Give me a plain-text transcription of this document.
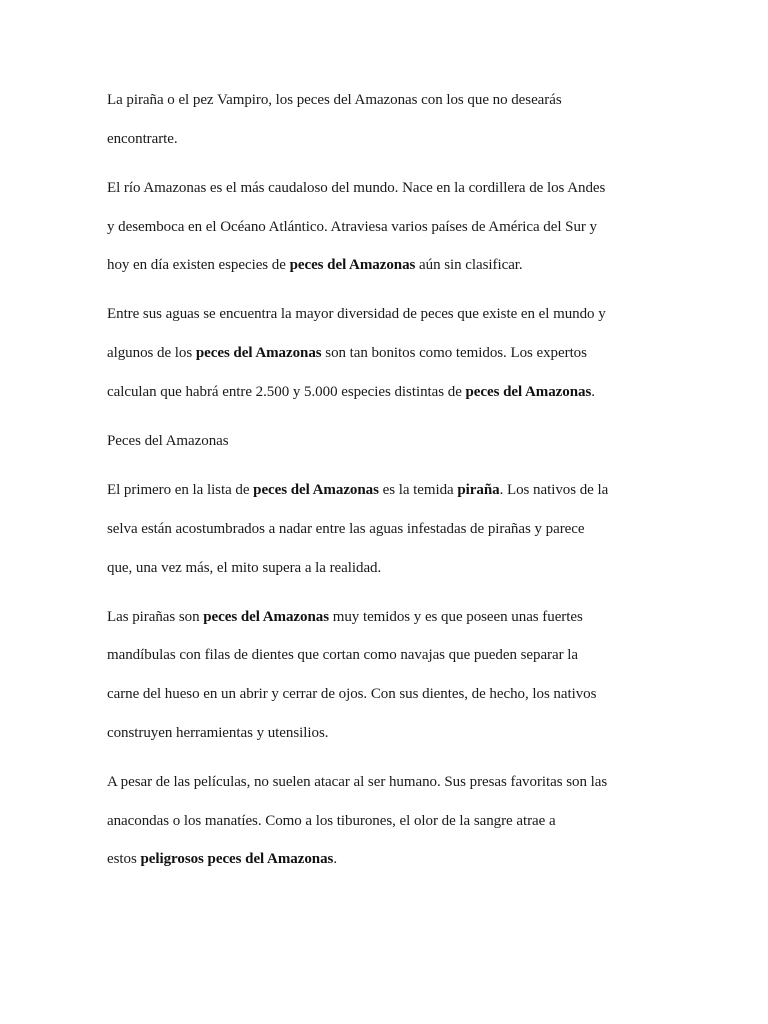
La piraña o el pez Vampiro, los peces del Amazonas con los que no desearás
encontrarte.
El río Amazonas es el más caudaloso del mundo. Nace en la cordillera de los Andes
y desemboca en el Océano Atlántico. Atraviesa varios países de América del Sur y
hoy en día existen especies de peces del Amazonas aún sin clasificar.
Entre sus aguas se encuentra la mayor diversidad de peces que existe en el mundo y
algunos de los peces del Amazonas son tan bonitos como temidos. Los expertos
calculan que habrá entre 2.500 y 5.000 especies distintas de peces del Amazonas.
Peces del Amazonas
El primero en la lista de peces del Amazonas es la temida piraña. Los nativos de la
selva están acostumbrados a nadar entre las aguas infestadas de pirañas y parece
que, una vez más, el mito supera a la realidad.
Las pirañas son peces del Amazonas muy temidos y es que poseen unas fuertes
mandíbulas con filas de dientes que cortan como navajas que pueden separar la
carne del hueso en un abrir y cerrar de ojos. Con sus dientes, de hecho, los nativos
construyen herramientas y utensilios.
A pesar de las películas, no suelen atacar al ser humano. Sus presas favoritas son las
anacondas o los manatíes. Como a los tiburones, el olor de la sangre atrae a
estos peligrosos peces del Amazonas.
